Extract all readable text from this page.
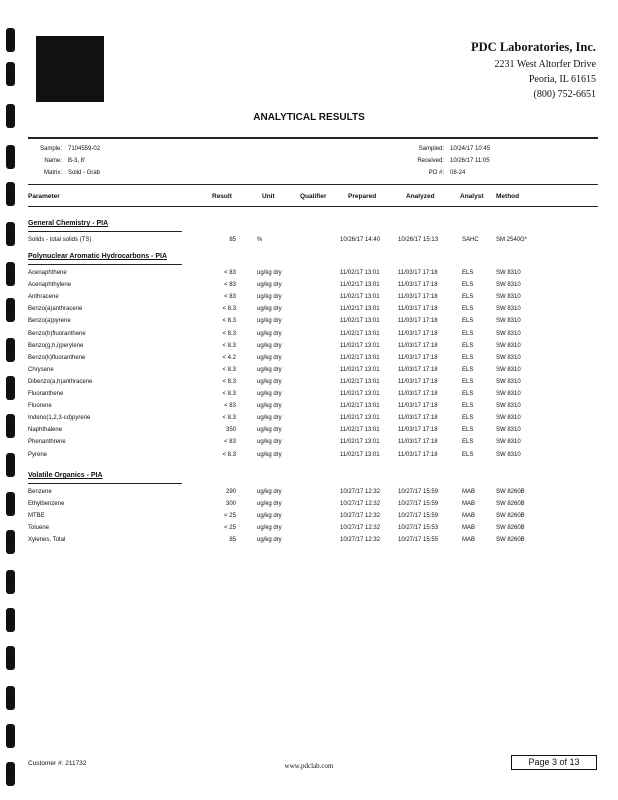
PDC Laboratories, Inc.
2231 West Altorfer Drive
Peoria, IL 61615
(800) 752-6651
ANALYTICAL RESULTS
Sample:	7104559-02
Name:	B-3, 8'
Matrix:	Solid - Grab
Sampled:	10/24/17 10:45
Received:	10/26/17 11:05
PO #:	08-24
Parameter	Result	Unit	Qualifier	Prepared	Analyzed	Analyst Method
General Chemistry - PIA
Solids - total solids (TS)	85	%	10/26/17 14:40	10/26/17 15:13	SAHC	SM 2540G*
Polynuclear Aromatic Hydrocarbons - PIA
Acenaphthene	< 83	ug/kg dry	11/02/17 13:01	11/03/17 17:18	ELS	SW 8310
Acenaphthylene	< 83	ug/kg dry	11/02/17 13:01	11/03/17 17:18	ELS	SW 8310
Anthracene	< 83	ug/kg dry	11/02/17 13:01	11/03/17 17:18	ELS	SW 8310
Benzo(a)anthracene	< 8.3	ug/kg dry	11/02/17 13:01	11/03/17 17:18	ELS	SW 8310
Benzo(a)pyrene	< 8.3	ug/kg dry	11/02/17 13:01	11/03/17 17:18	ELS	SW 8310
Benzo(b)fluoranthene	< 8.3	ug/kg dry	11/02/17 13:01	11/03/17 17:18	ELS	SW 8310
Benzo(g,h,i)perylene	< 8.3	ug/kg dry	11/02/17 13:01	11/03/17 17:18	ELS	SW 8310
Benzo(k)fluoranthene	< 4.2	ug/kg dry	11/02/17 13:01	11/03/17 17:18	ELS	SW 8310
Chrysene	< 8.3	ug/kg dry	11/02/17 13:01	11/03/17 17:18	ELS	SW 8310
Dibenzo(a,h)anthracene	< 8.3	ug/kg dry	11/02/17 13:01	11/03/17 17:18	ELS	SW 8310
Fluoranthene	< 8.3	ug/kg dry	11/02/17 13:01	11/03/17 17:18	ELS	SW 8310
Fluorene	< 83	ug/kg dry	11/02/17 13:01	11/03/17 17:18	ELS	SW 8310
Indeno(1,2,3-cd)pyrene	< 8.3	ug/kg dry	11/02/17 13:01	11/03/17 17:18	ELS	SW 8310
Naphthalene	350	ug/kg dry	11/02/17 13:01	11/03/17 17:18	ELS	SW 8310
Phenanthrene	< 83	ug/kg dry	11/02/17 13:01	11/03/17 17:18	ELS	SW 8310
Pyrene	< 8.3	ug/kg dry	11/02/17 13:01	11/03/17 17:18	ELS	SW 8310
Volatile Organics - PIA
Benzene	290	ug/kg dry	10/27/17 12:32	10/27/17 15:59	MAB	SW 8260B
Ethylbenzene	300	ug/kg dry	10/27/17 12:32	10/27/17 15:59	MAB	SW 8260B
MTBE	< 25	ug/kg dry	10/27/17 12:32	10/27/17 15:59	MAB	SW 8260B
Toluene	< 25	ug/kg dry	10/27/17 12:32	10/27/17 15:53	MAB	SW 8260B
Xylenes, Total	85	ug/kg dry	10/27/17 12:32	10/27/17 15:55	MAB	SW 8260B
Customer #: 211732	www.pdclab.com	Page 3 of 13
